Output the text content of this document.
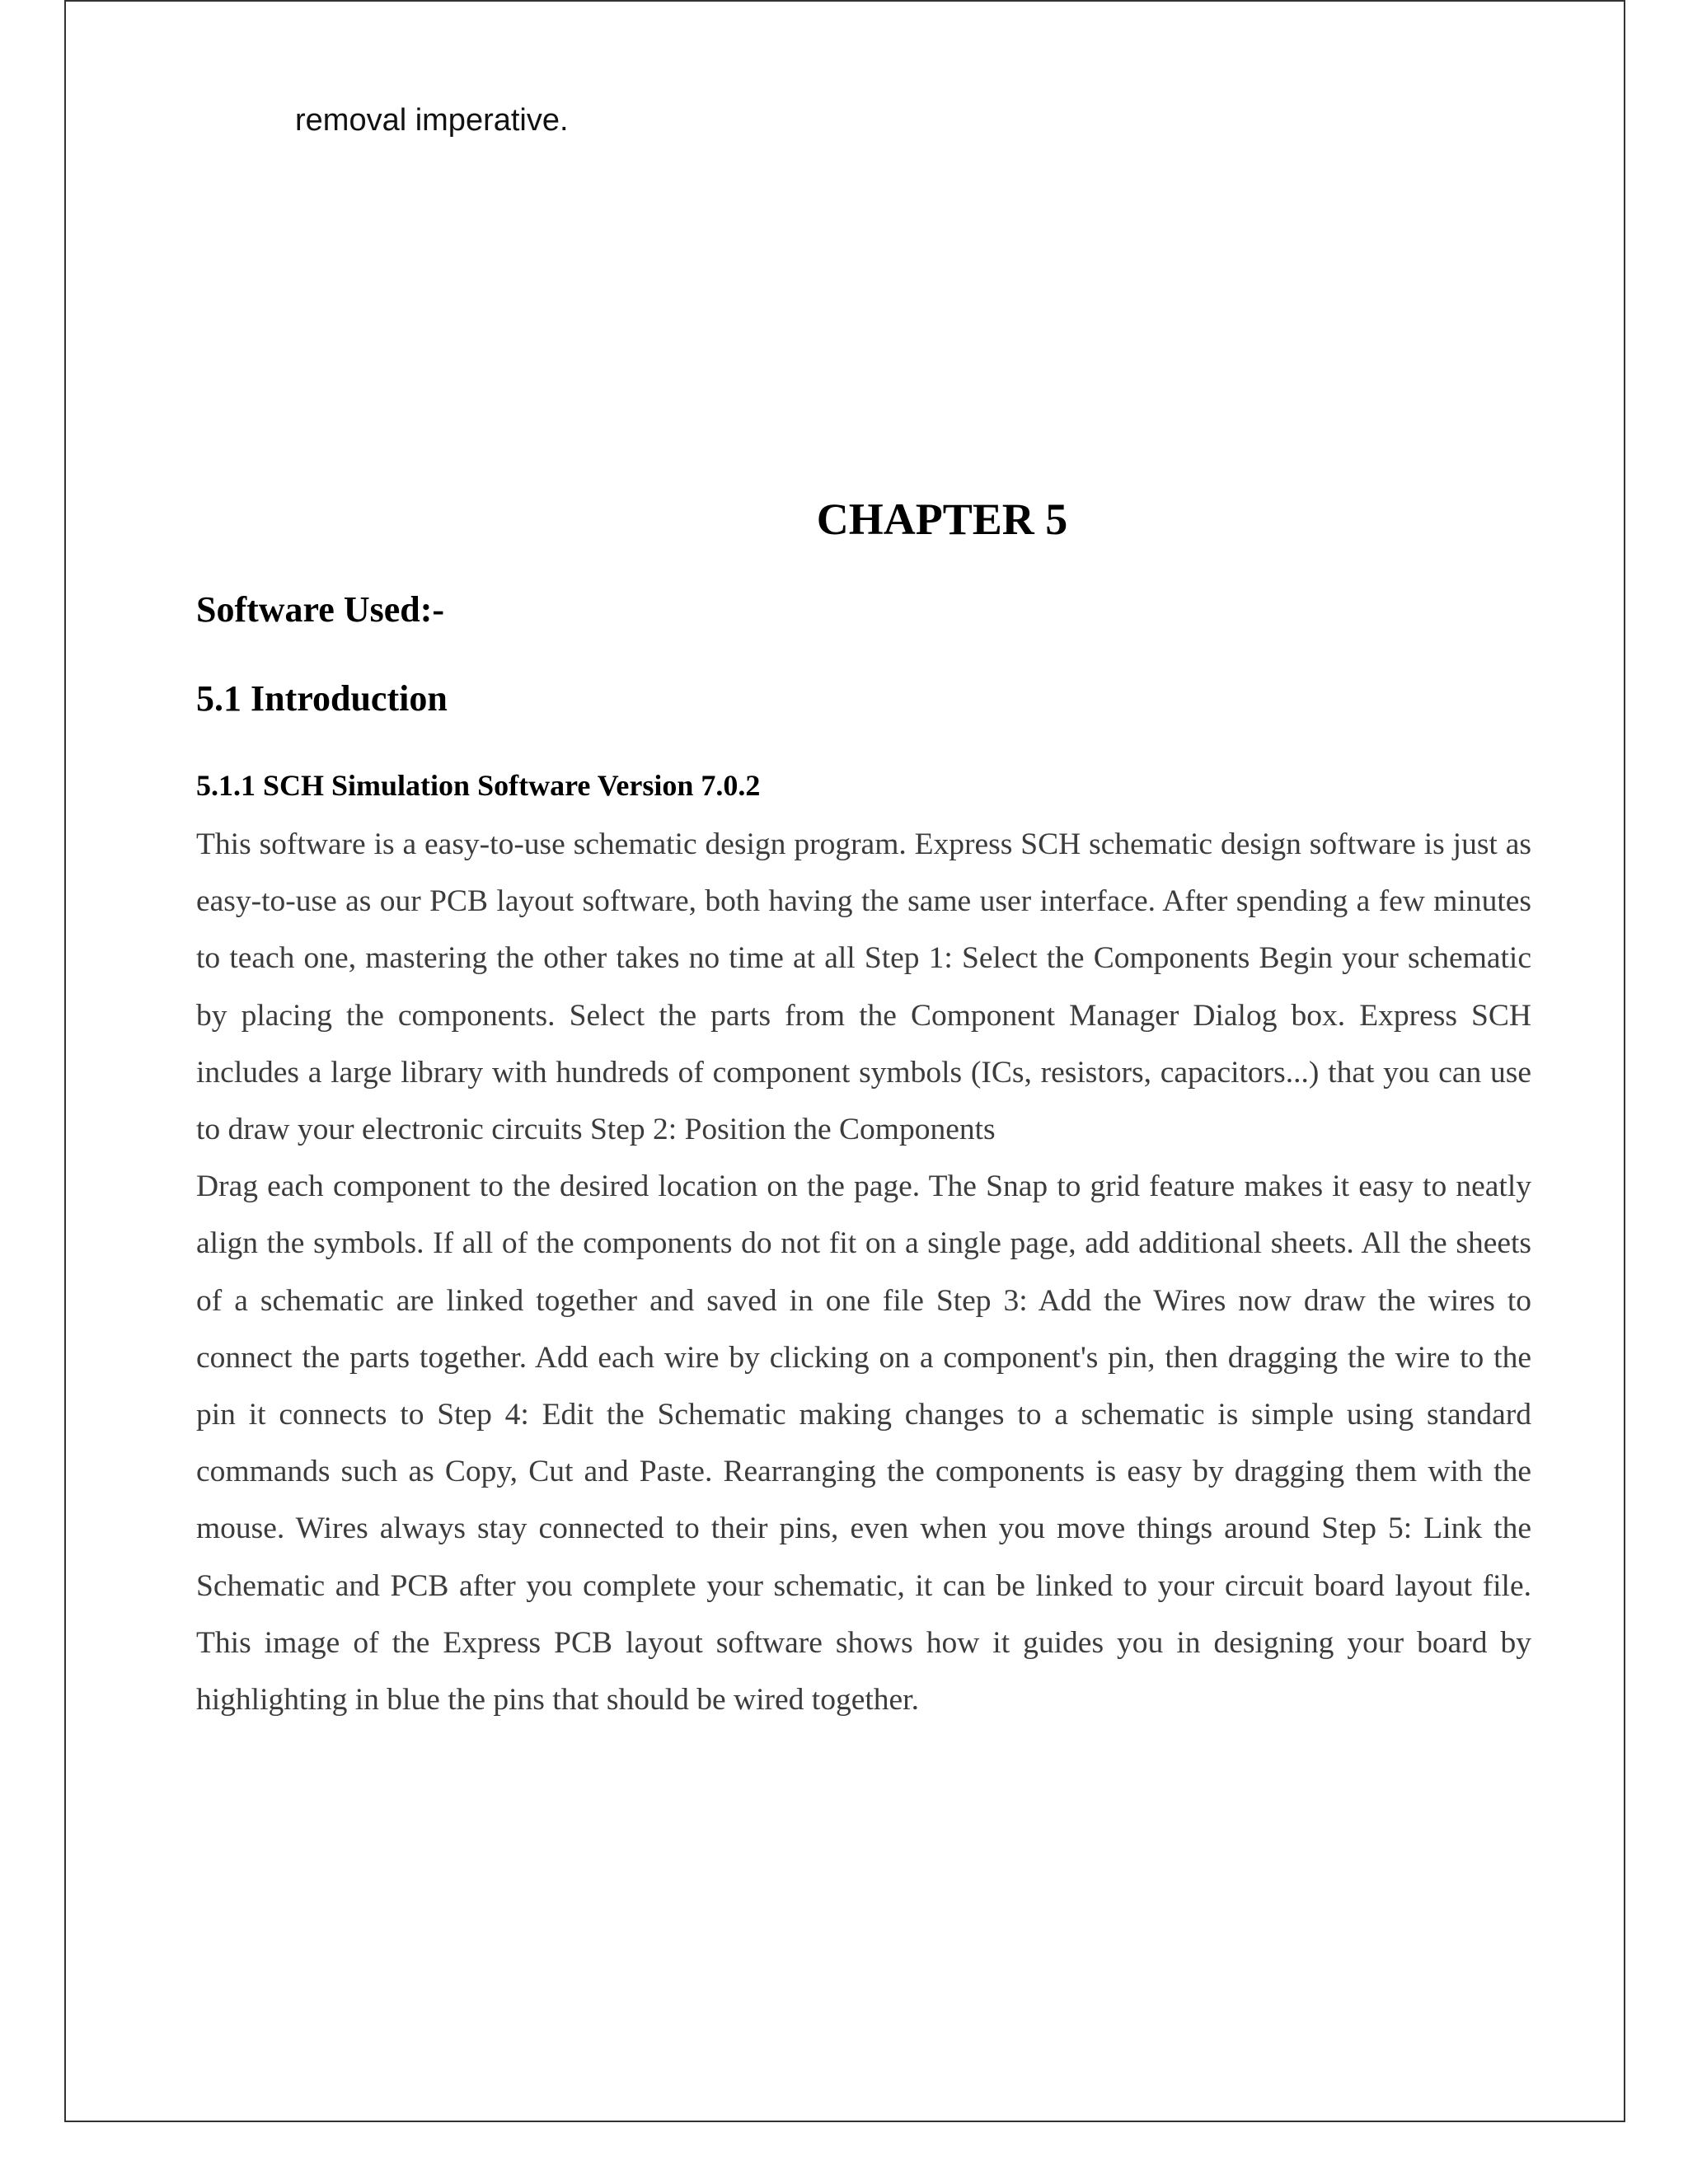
removal imperative.
CHAPTER 5
Software Used:-
5.1 Introduction
5.1.1 SCH Simulation Software Version 7.0.2

This software is a easy-to-use schematic design program. Express SCH schematic design software is just as easy-to-use as our PCB layout software, both having the same user interface. After spending a few minutes to teach one, mastering the other takes no time at all Step 1: Select the Components Begin your schematic by placing the components. Select the parts from the Component Manager Dialog box. Express SCH includes a large library with hundreds of component symbols (ICs, resistors, capacitors...) that you can use to draw your electronic circuits Step 2: Position the Components

Drag each component to the desired location on the page. The Snap to grid feature makes it easy to neatly align the symbols. If all of the components do not fit on a single page, add additional sheets. All the sheets of a schematic are linked together and saved in one file Step 3: Add the Wires now draw the wires to connect the parts together. Add each wire by clicking on a component's pin, then dragging the wire to the pin it connects to Step 4: Edit the Schematic making changes to a schematic is simple using standard commands such as Copy, Cut and Paste. Rearranging the components is easy by dragging them with the mouse. Wires always stay connected to their pins, even when you move things around Step 5: Link the Schematic and PCB after you complete your schematic, it can be linked to your circuit board layout file. This image of the Express PCB layout software shows how it guides you in designing your board by highlighting in blue the pins that should be wired together.
